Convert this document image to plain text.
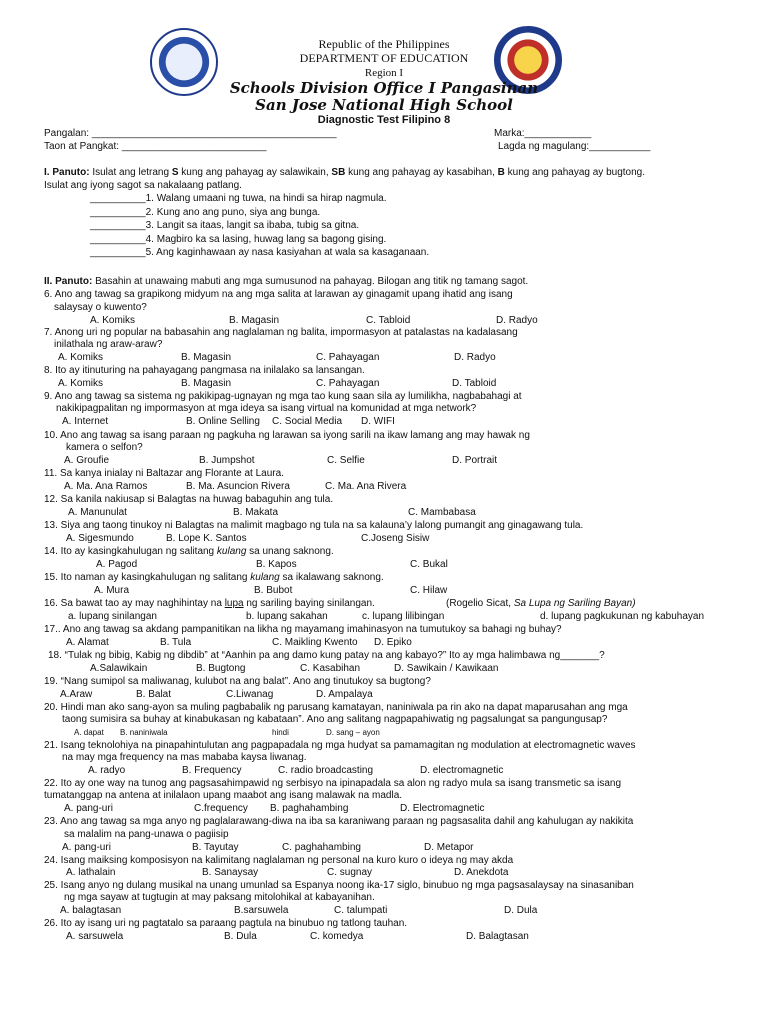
Republic of the Philippines
DEPARTMENT OF EDUCATION
Region I
Schools Division Office I Pangasinan
San Jose National High School
Diagnostic Test Filipino 8
Pangalan: ____________________________________________	Marka:____________
Taon at Pangkat: __________________________	Lagda ng magulang:___________
I. Panuto: Isulat ang letrang S kung ang pahayag ay salawikain, SB kung ang pahayag ay kasabihan, B kung ang pahayag ay bugtong.
Isulat ang iyong sagot sa nakalaang patlang.
__________1. Walang umaani ng tuwa, na hindi sa hirap nagmula.
__________2. Kung ano ang puno, siya ang bunga.
__________3. Langit sa itaas, langit sa ibaba, tubig sa gitna.
__________4. Magbiro ka sa lasing, huwag lang sa bagong gising.
__________5. Ang kaginhawaan ay nasa kasiyahan at wala sa kasaganaan.
II. Panuto: Basahin at unawaing mabuti ang mga sumusunod na pahayag. Bilogan ang titik ng tamang sagot.
6. Ano ang tawag sa grapikong midyum na ang mga salita at larawan ay ginagamit upang ihatid ang isang
salaysay o kuwento?
A. Komiks	B. Magasin	C. Tabloid	D. Radyo
7. Anong uri ng popular na babasahin ang naglalaman ng balita, impormasyon at patalastas na kadalasang
inilathala ng araw-araw?
A. Komiks	B. Magasin	C. Pahayagan	D. Radyo
8. Ito ay itinuturing na pahayagang pangmasa na inilalako sa lansangan.
A. Komiks	B. Magasin	C. Pahayagan	D. Tabloid
9. Ano ang tawag sa sistema ng pakikipag-ugnayan ng mga tao kung saan sila ay lumilikha, nagbabahagi at
nakikipagpalitan ng impormasyon at mga ideya sa isang virtual na komunidad at mga network?
A. Internet	B. Online Selling C. Social Media D. WIFI
10. Ano ang tawag sa isang paraan ng pagkuha ng larawan sa iyong sarili na ikaw lamang ang may hawak ng
kamera o selfon?
A. Groufie	B. Jumpshot	C. Selfie	D. Portrait
11. Sa kanya inialay ni Baltazar ang Florante at Laura.
A. Ma. Ana Ramos	B. Ma. Asuncion Rivera	C. Ma. Ana Rivera
12. Sa kanila nakiusap si Balagtas na huwag babaguhin ang tula.
A. Manunulat	B. Makata	C. Mambabasa
13. Siya ang taong tinukoy ni Balagtas na malimit magbago ng tula na sa kalauna’y lalong pumangit ang ginagawang tula.
A. Sigesmundo	B. Lope K. Santos	C.Joseng Sisiw
14. Ito ay kasingkahulugan ng salitang kulang sa unang saknong.
A. Pagod	B. Kapos	C. Bukal
15. Ito naman ay kasingkahulugan ng salitang kulang sa ikalawang saknong.
A. Mura	B. Bubot	C. Hilaw
16. Sa bawat tao ay may naghihintay na lupa ng sariling baying sinilangan.	(Rogelio Sicat, Sa Lupa ng Sariling Bayan)
a. lupang sinilangan	b. lupang sakahan	c. lupang lilibingan	d. lupang pagkukunan ng kabuhayan
17.. Ano ang tawag sa akdang pampanitikan na likha ng mayamang imahinasyon na tumutukoy sa bahagi ng buhay?
A. Alamat	B. Tula	C. Maikling Kwento D. Epiko
18. “Tulak ng bibig, Kabig ng dibdib” at “Aanhin pa ang damo kung patay na ang kabayo?” Ito ay mga halimbawa ng_______?
A.Salawikain	B. Bugtong	C. Kasabihan	D. Sawikain / Kawikaan
19. “Nang sumipol sa maliwanag, kulubot na ang balat”. Ano ang tinutukoy sa bugtong?
A.Araw	B. Balat	C.Liwanag	D. Ampalaya
20. Hindi man ako sang-ayon sa muling pagbabalik ng parusang kamatayan, naniniwala pa rin ako na dapat maparusahan ang mga
taong sumisira sa buhay at kinabukasan ng kabataan”. Ano ang salitang nagpapahiwatig ng pagsalungat sa pangungusap?
A. dapat B. naniniwala	hindi	D. sang – ayon
21. Isang teknolohiya na pinapahintulutan ang pagpapadala ng mga hudyat sa pamamagitan ng modulation at electromagnetic waves
na may mga frequency na mas mababa kaysa liwanag.
A. radyo	B. Frequency	C. radio broadcasting	D. electromagnetic
22. Ito ay one way na tunog ang pagsasahimpawid ng serbisyo na ipinapadala sa alon ng radyo mula sa isang transmetic sa isang
tumatanggap na antena at inilalaon upang maabot ang isang malawak na madla.
A. pang-uri	C.frequency B. paghahambing	D. Electromagnetic
23. Ano ang tawag sa mga anyo ng paglalarawang-diwa na iba sa karaniwang paraan ng pagsasalita dahil ang kahulugan ay nakikita
sa malalim na pang-unawa o pagiisip
A. pang-uri	B. Tayutay	C. paghahambing	D. Metapor
24. Isang maiksing komposisyon na kalimitang naglalaman ng personal na kuro kuro o ideya ng may akda
A. lathalain	B. Sanaysay	C. sugnay	D. Anekdota
25. Isang anyo ng dulang musikal na unang umunlad sa Espanya noong ika-17 siglo, binubuo ng mga pagsasalaysay na sinasaniban
ng mga sayaw at tugtugin at may paksang mitolohikal at kabayanihan.
A. balagtasan	B.sarsuwela	C. talumpati	D. Dula
26. Ito ay isang uri ng pagtatalo sa paraang pagtula na binubuo ng tatlong tauhan.
A. sarsuwela	B. Dula	C. komedya	D. Balagtasan
